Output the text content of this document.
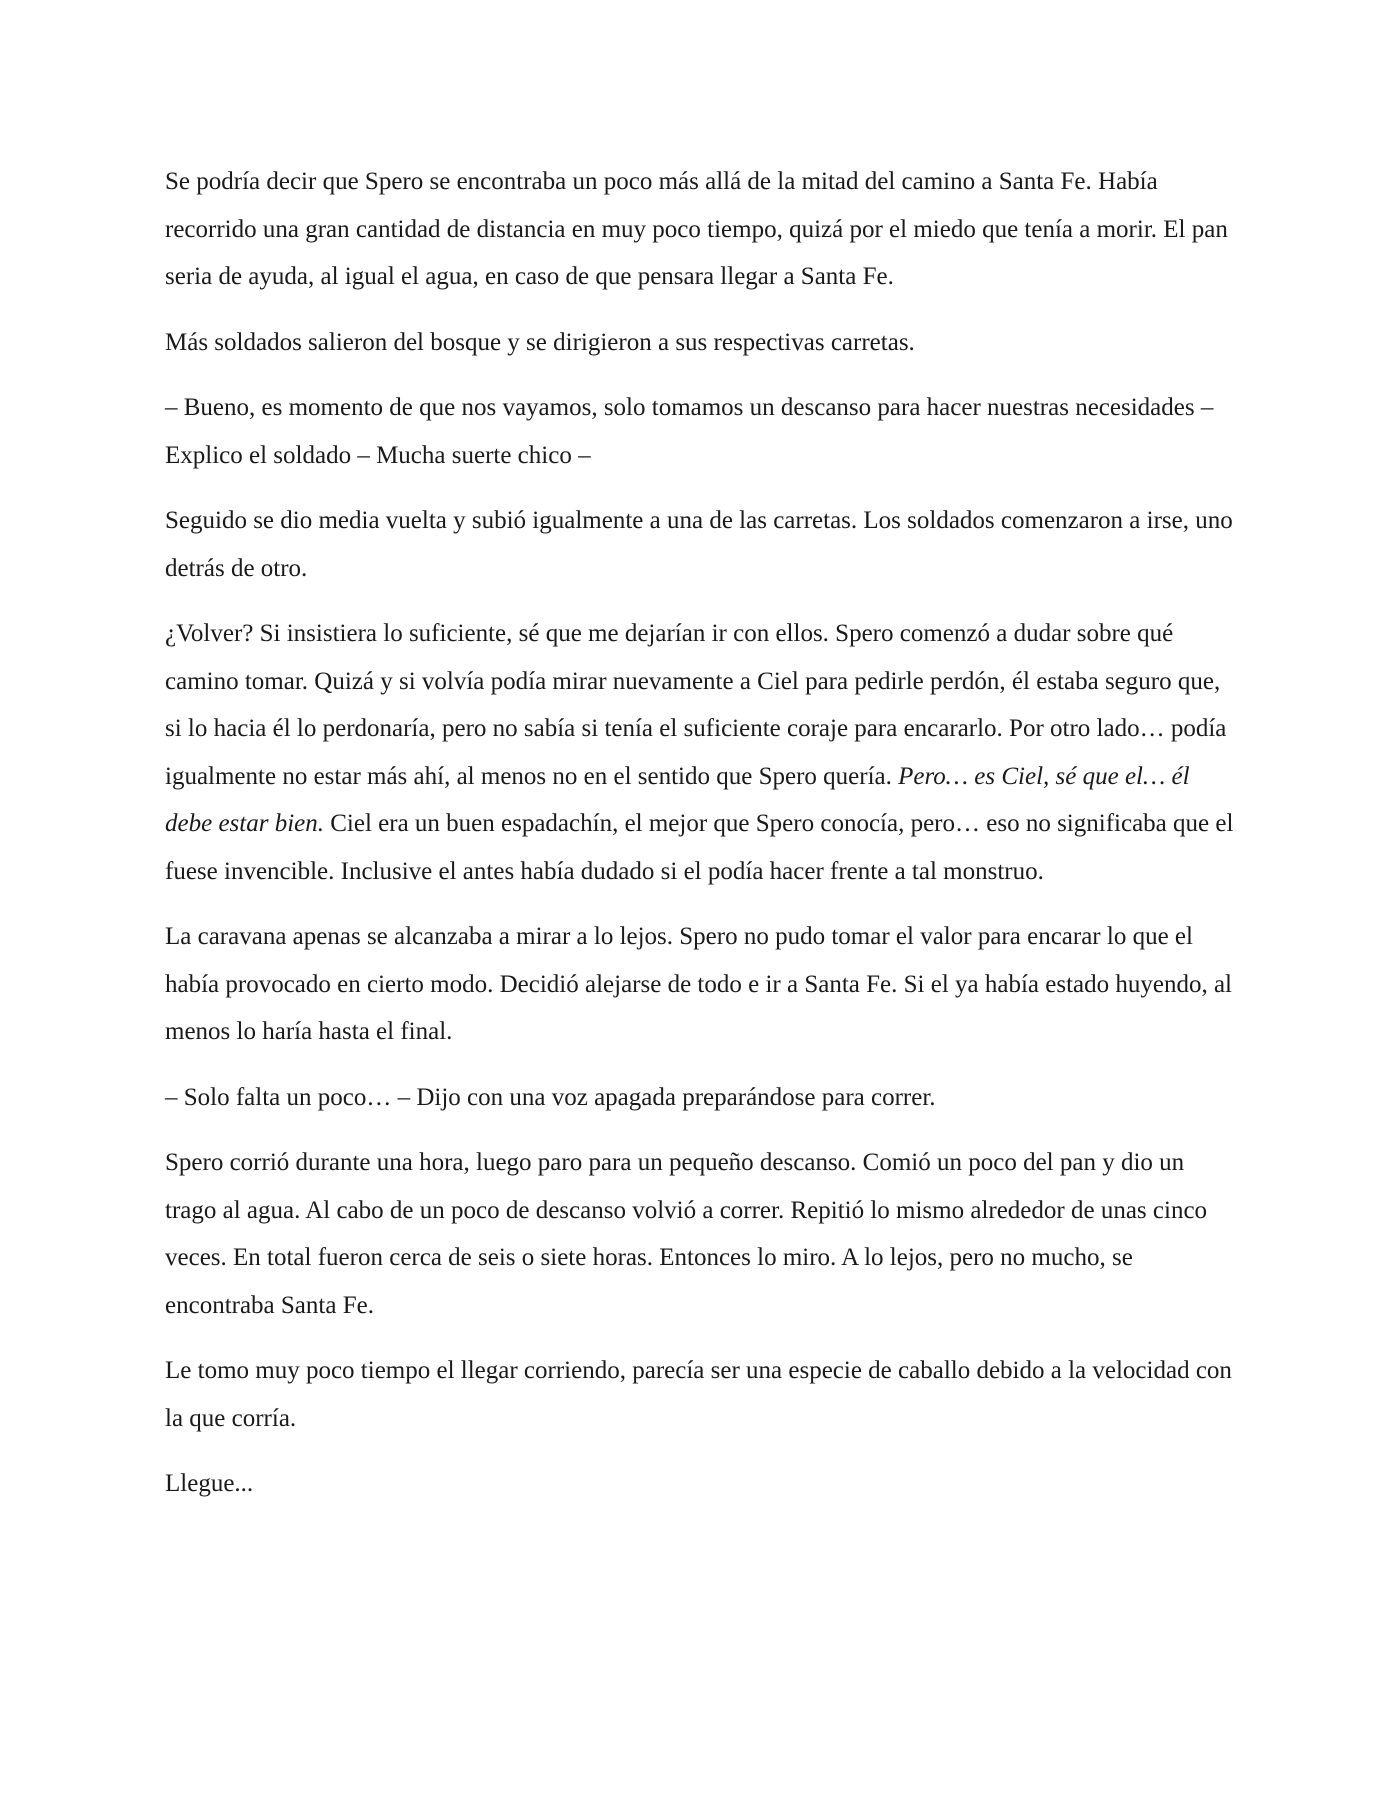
Se podría decir que Spero se encontraba un poco más allá de la mitad del camino a Santa Fe. Había recorrido una gran cantidad de distancia en muy poco tiempo, quizá por el miedo que tenía a morir. El pan seria de ayuda, al igual el agua, en caso de que pensara llegar a Santa Fe.

Más soldados salieron del bosque y se dirigieron a sus respectivas carretas.

– Bueno, es momento de que nos vayamos, solo tomamos un descanso para hacer nuestras necesidades – Explico el soldado – Mucha suerte chico –

Seguido se dio media vuelta y subió igualmente a una de las carretas. Los soldados comenzaron a irse, uno detrás de otro.

¿Volver? Si insistiera lo suficiente, sé que me dejarían ir con ellos. Spero comenzó a dudar sobre qué camino tomar. Quizá y si volvía podía mirar nuevamente a Ciel para pedirle perdón, él estaba seguro que, si lo hacia él lo perdonaría, pero no sabía si tenía el suficiente coraje para encararlo. Por otro lado… podía igualmente no estar más ahí, al menos no en el sentido que Spero quería. Pero… es Ciel, sé que el… él debe estar bien. Ciel era un buen espadachín, el mejor que Spero conocía, pero… eso no significaba que el fuese invencible. Inclusive el antes había dudado si el podía hacer frente a tal monstruo.

La caravana apenas se alcanzaba a mirar a lo lejos. Spero no pudo tomar el valor para encarar lo que el había provocado en cierto modo. Decidió alejarse de todo e ir a Santa Fe. Si el ya había estado huyendo, al menos lo haría hasta el final.

– Solo falta un poco… – Dijo con una voz apagada preparándose para correr.

Spero corrió durante una hora, luego paro para un pequeño descanso. Comió un poco del pan y dio un trago al agua. Al cabo de un poco de descanso volvió a correr. Repitió lo mismo alrededor de unas cinco veces. En total fueron cerca de seis o siete horas. Entonces lo miro. A lo lejos, pero no mucho, se encontraba Santa Fe.

Le tomo muy poco tiempo el llegar corriendo, parecía ser una especie de caballo debido a la velocidad con la que corría.

Llegue...
